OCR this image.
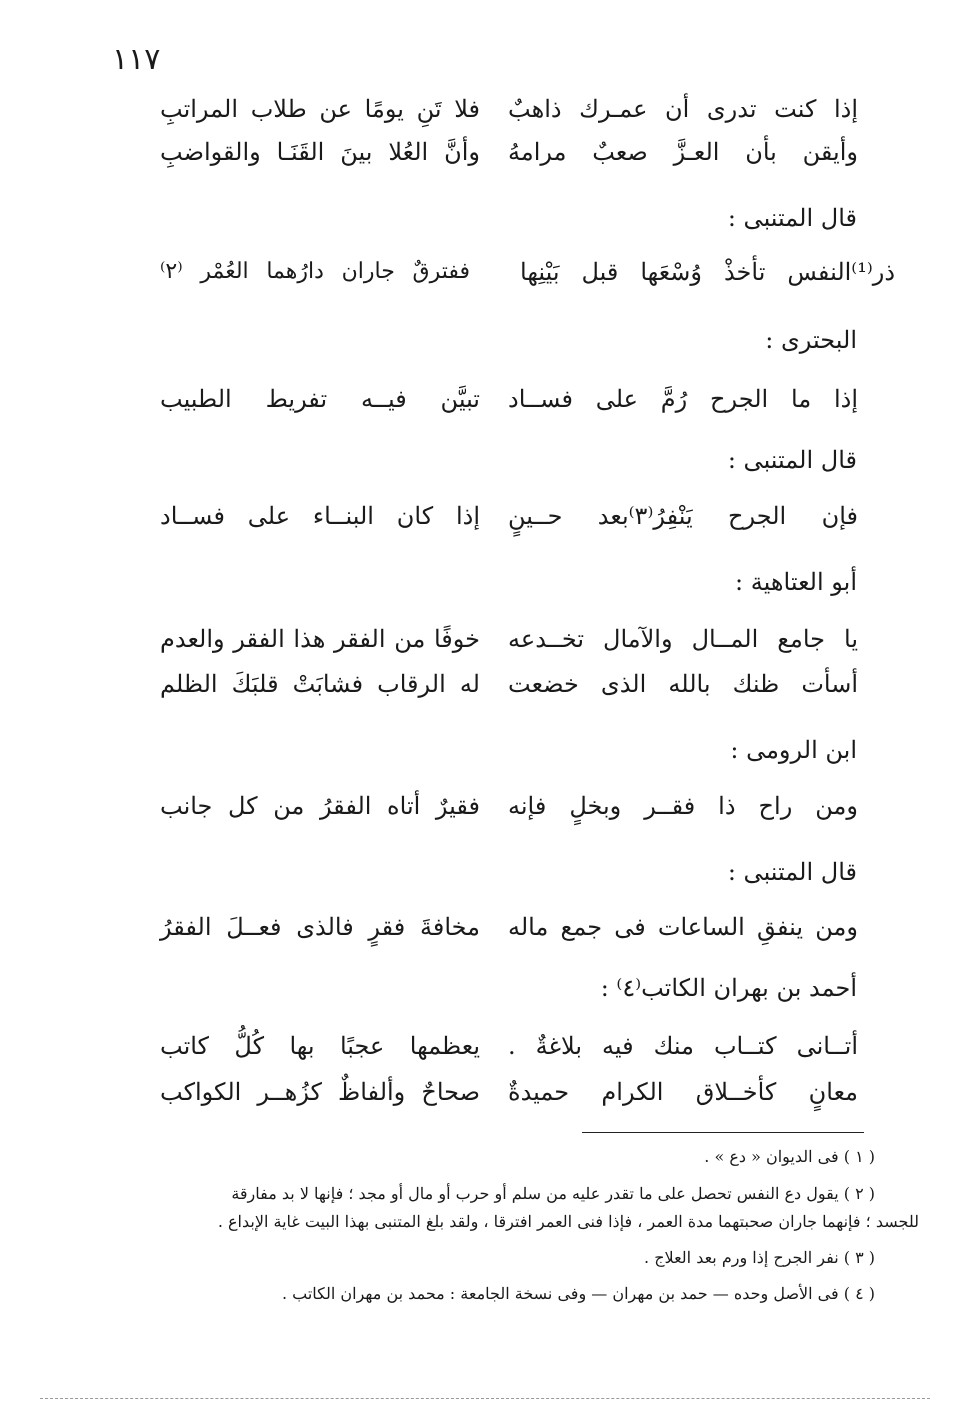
١١٧
إذا كنت تدرى أن عمـرك ذاهبٌ
فلا تَنِ يومًا عن طلاب المراتبِ
وأيقن بأن العـزَّ صعبٌ مرامهُ
وأنَّ العُلا بينَ القَنَـا والقواضبِ
قال المتنبى :
ذر⁽¹⁾النفس تأخذْ وُسْعَها قبل بَيْنِها
ففترقٌ جاران دارُهما العُمْر ⁽٢⁾
البحترى :
إذا ما الجرح رُمَّ على فســاد
تبيَّن فيــه تفريط الطبيب
قال المتنبى :
فإن الجرح يَنْفِرُ⁽٣⁾بعد حــينٍ
إذا كان البنــاء على فســاد
أبو العتاهية :
يا جامع المــال والآمال تخــدعه
خوفًا من الفقر هذا الفقر والعدم
أسأت ظنك بالله الذى خضعت
له الرقاب فشابَتْ قلبَكَ الظلم
ابن الرومى :
ومن راح ذا فقــر وبخلٍ فإنه
فقيرٌ أتاه الفقرُ من كل جانب
قال المتنبى :
ومن ينفقِ الساعات فى جمع ماله
مخافةَ فقرٍ فالذى فعــلَ الفقرُ
أحمد بن بهران الكاتب⁽٤⁾ :
أتــانى كتــاب منك فيه بلاغةٌ .
يعظمها عجبًا بها كُلُّ كاتب
معانٍ كأخــلاق الكرام حميدةٌ
صحاحٌ وألفاظٌ كزُهــر الكواكب
( ١ ) فى الديوان « دع » .
( ٢ ) يقول دع النفس تحصل على ما تقدر عليه من سلم أو حرب أو مال أو مجد ؛ فإنها لا بد مفارقة
للجسد ؛ فإنهما جاران صحبتهما مدة العمر ، فإذا فنى العمر افترقا ، ولقد بلغ المتنبى بهذا البيت غاية الإبداع .
( ٣ ) نفر الجرح إذا ورم بعد العلاج .
( ٤ ) فى الأصل وحده — حمد بن مهران — وفى نسخة الجامعة : محمد بن مهران الكاتب .
